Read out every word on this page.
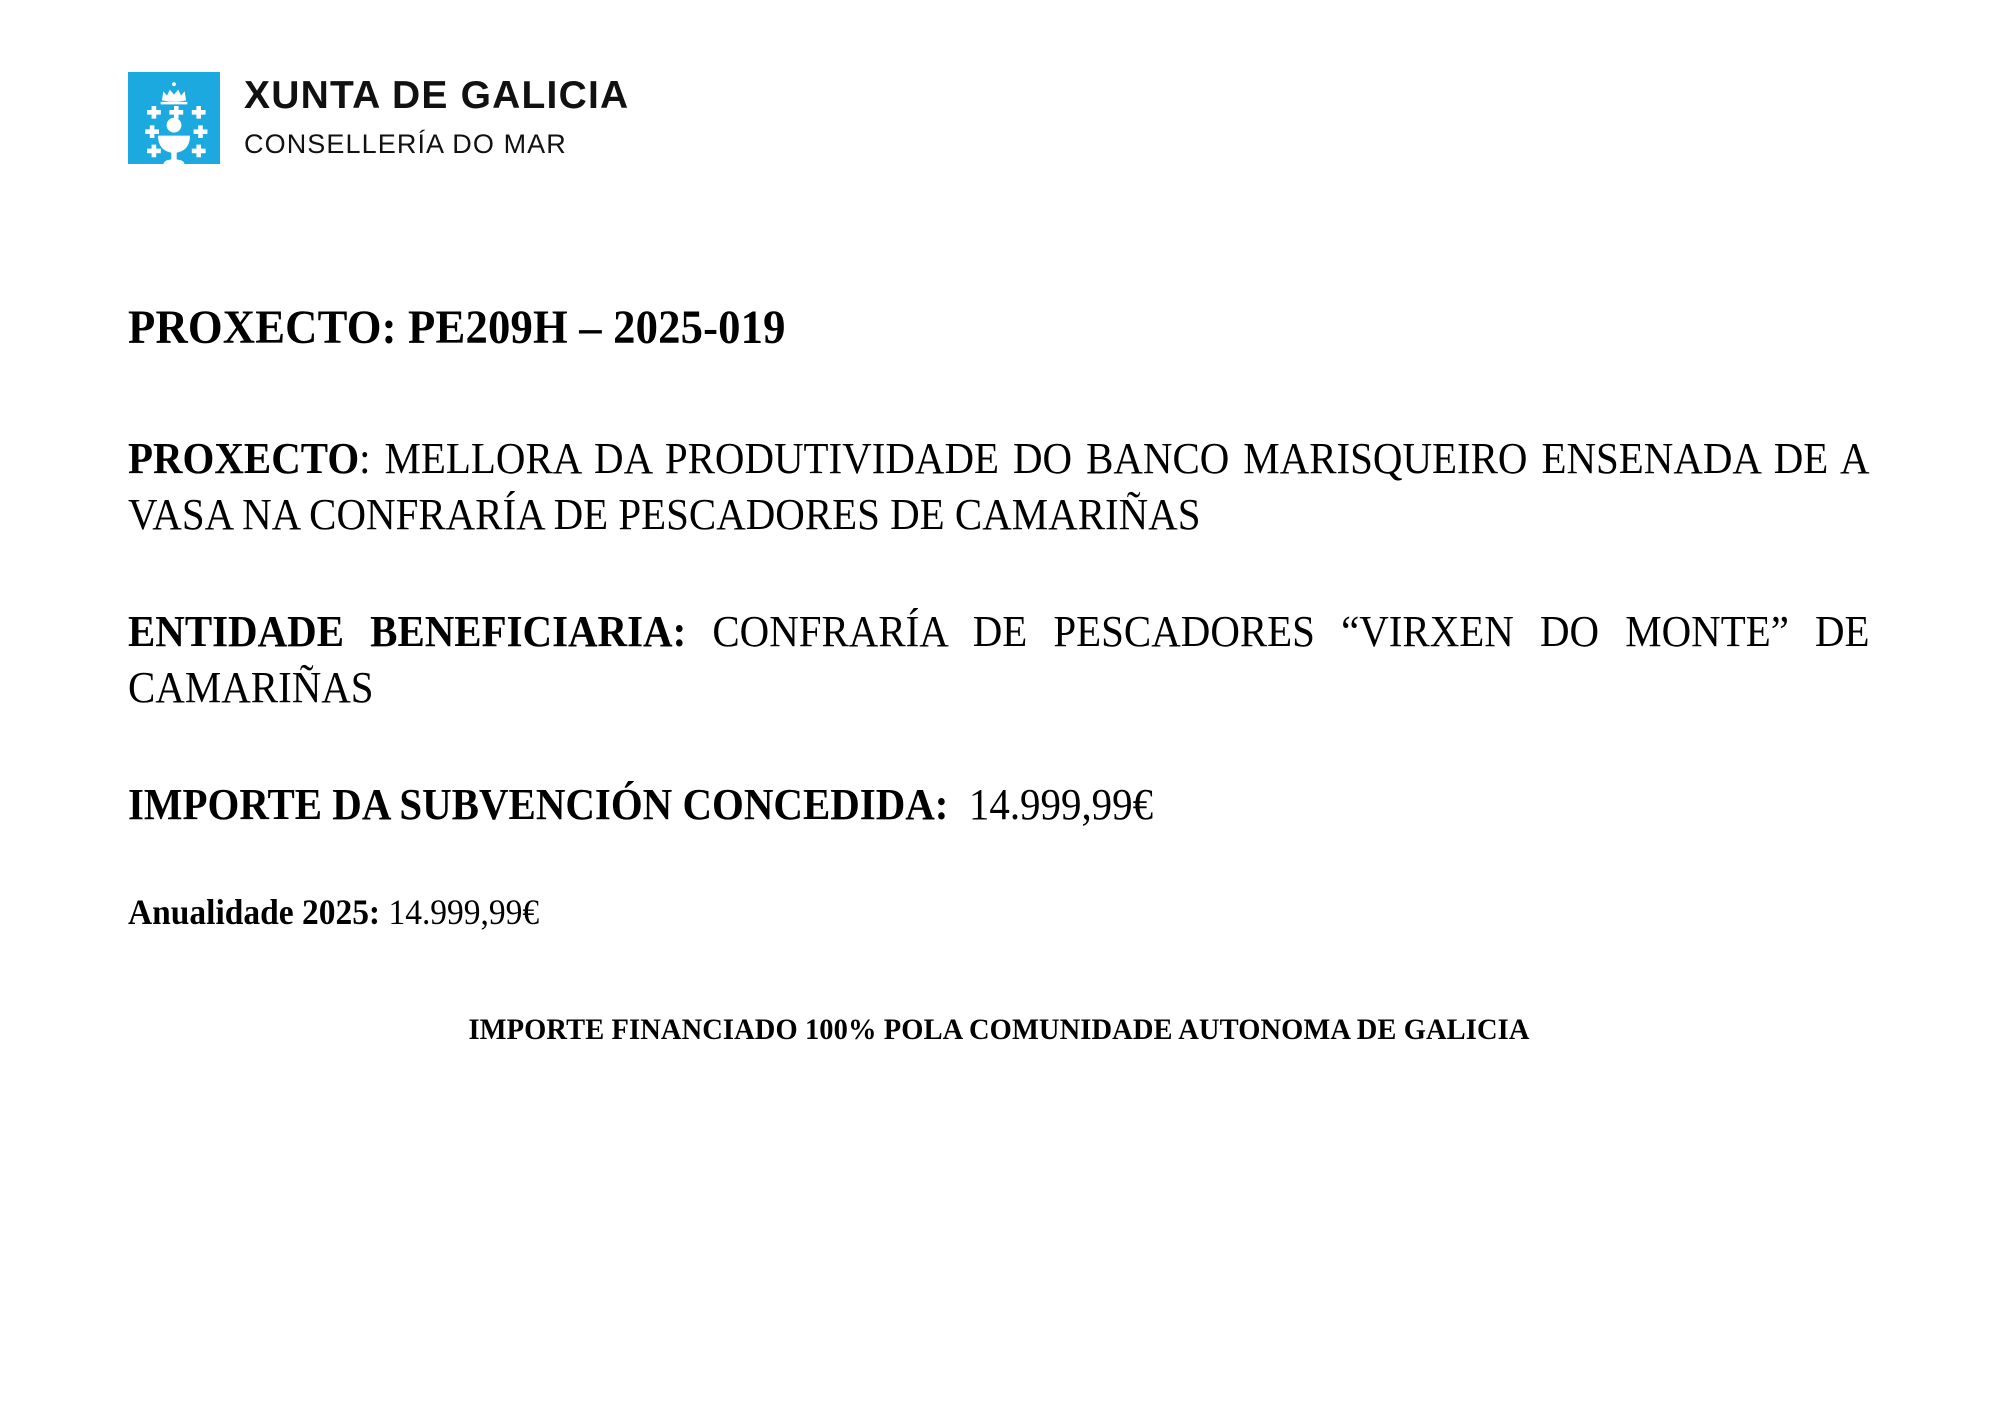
XUNTA DE GALICIA
CONSELLERÍA DO MAR
PROXECTO: PE209H – 2025-019

PROXECTO: MELLORA DA PRODUTIVIDADE DO BANCO MARISQUEIRO ENSENADA DE A VASA NA CONFRARÍA DE PESCADORES DE CAMARIÑAS

ENTIDADE BENEFICIARIA: CONFRARÍA DE PESCADORES “VIRXEN DO MONTE” DE CAMARIÑAS

IMPORTE DA SUBVENCIÓN CONCEDIDA: 14.999,99€

Anualidade 2025: 14.999,99€

IMPORTE FINANCIADO 100% POLA COMUNIDADE AUTONOMA DE GALICIA
